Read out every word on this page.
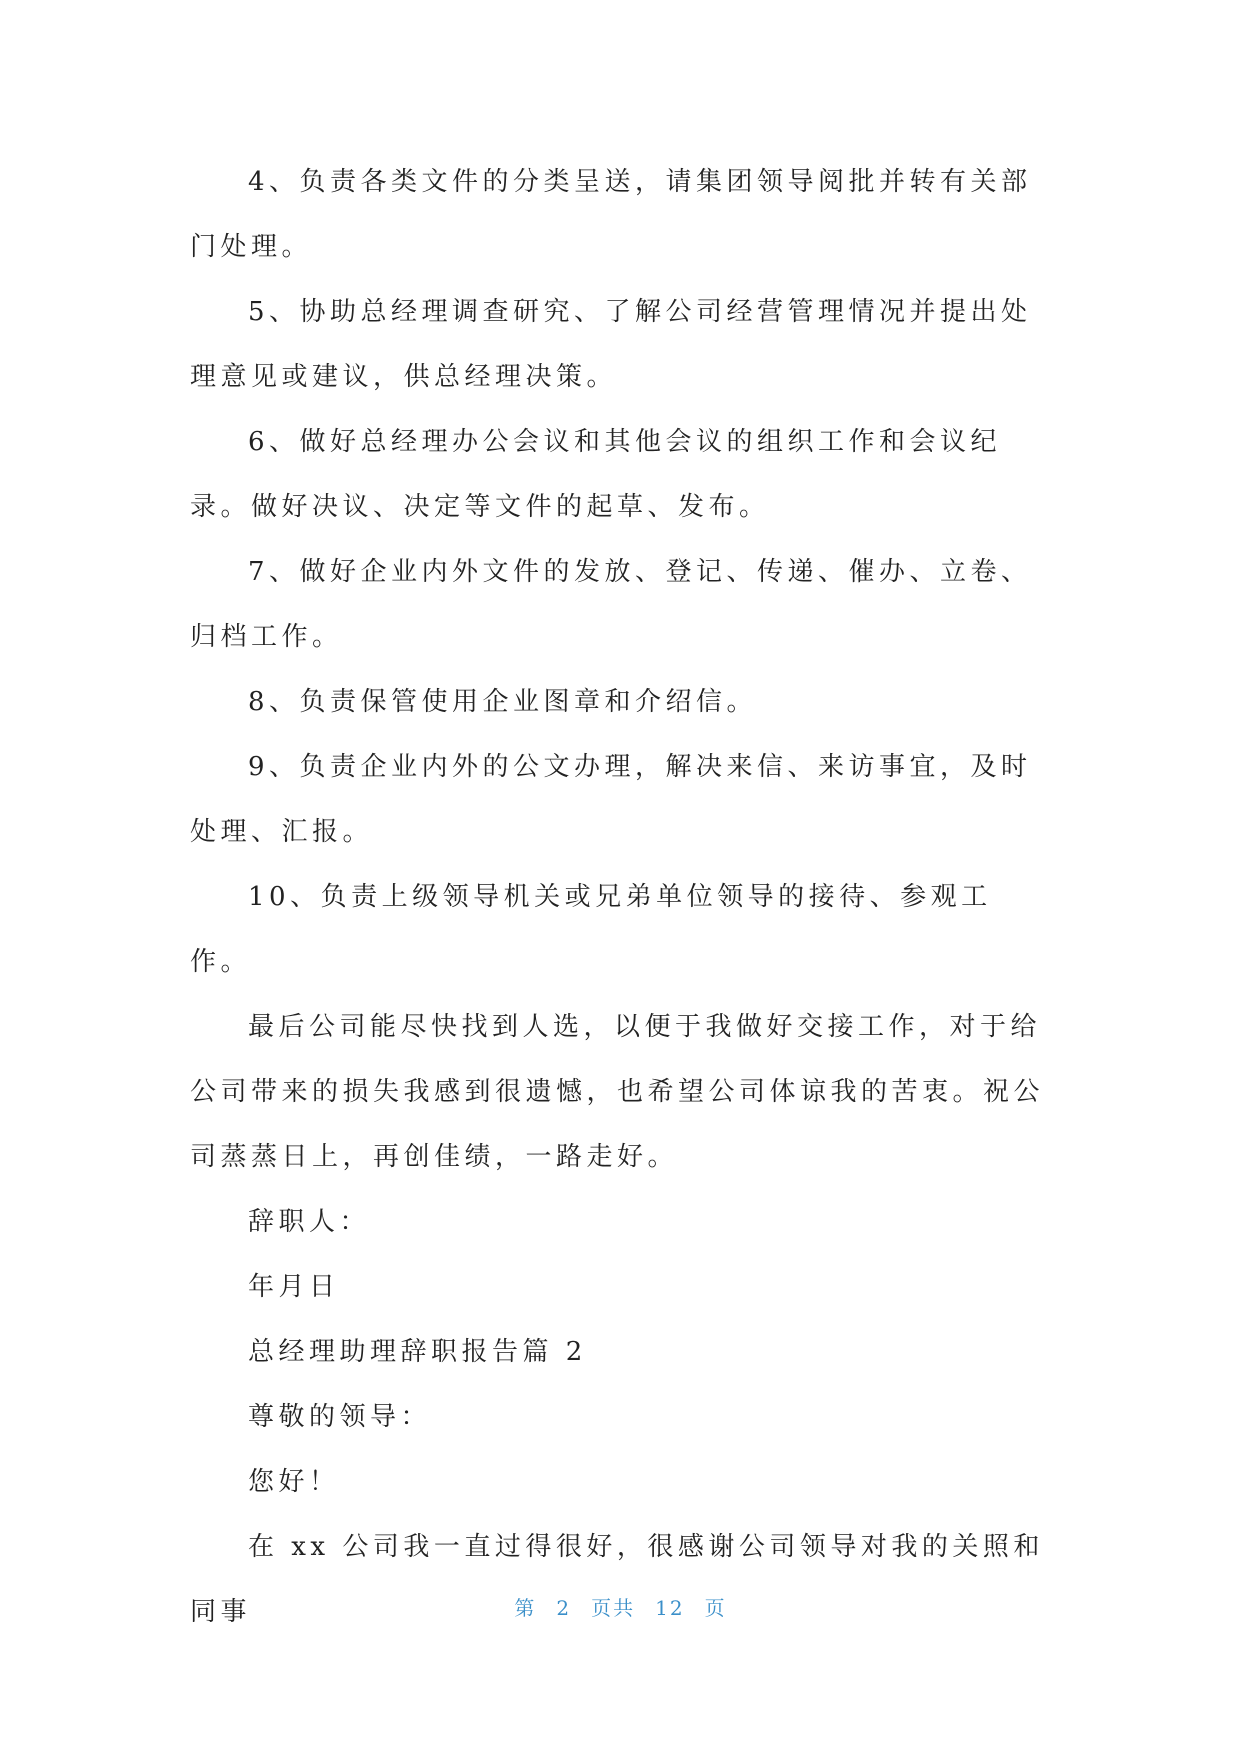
4、负责各类文件的分类呈送，请集团领导阅批并转有关部门处理。

5、协助总经理调查研究、了解公司经营管理情况并提出处理意见或建议，供总经理决策。

6、做好总经理办公会议和其他会议的组织工作和会议纪录。做好决议、决定等文件的起草、发布。

7、做好企业内外文件的发放、登记、传递、催办、立卷、归档工作。

8、负责保管使用企业图章和介绍信。

9、负责企业内外的公文办理，解决来信、来访事宜，及时处理、汇报。

10、负责上级领导机关或兄弟单位领导的接待、参观工作。

最后公司能尽快找到人选，以便于我做好交接工作，对于给公司带来的损失我感到很遗憾，也希望公司体谅我的苦衷。祝公司蒸蒸日上，再创佳绩，一路走好。

辞职人：

年月日

总经理助理辞职报告篇 2

尊敬的领导：

您好！

在 xx 公司我一直过得很好，很感谢公司领导对我的关照和同事	第 2 页共 12 页
